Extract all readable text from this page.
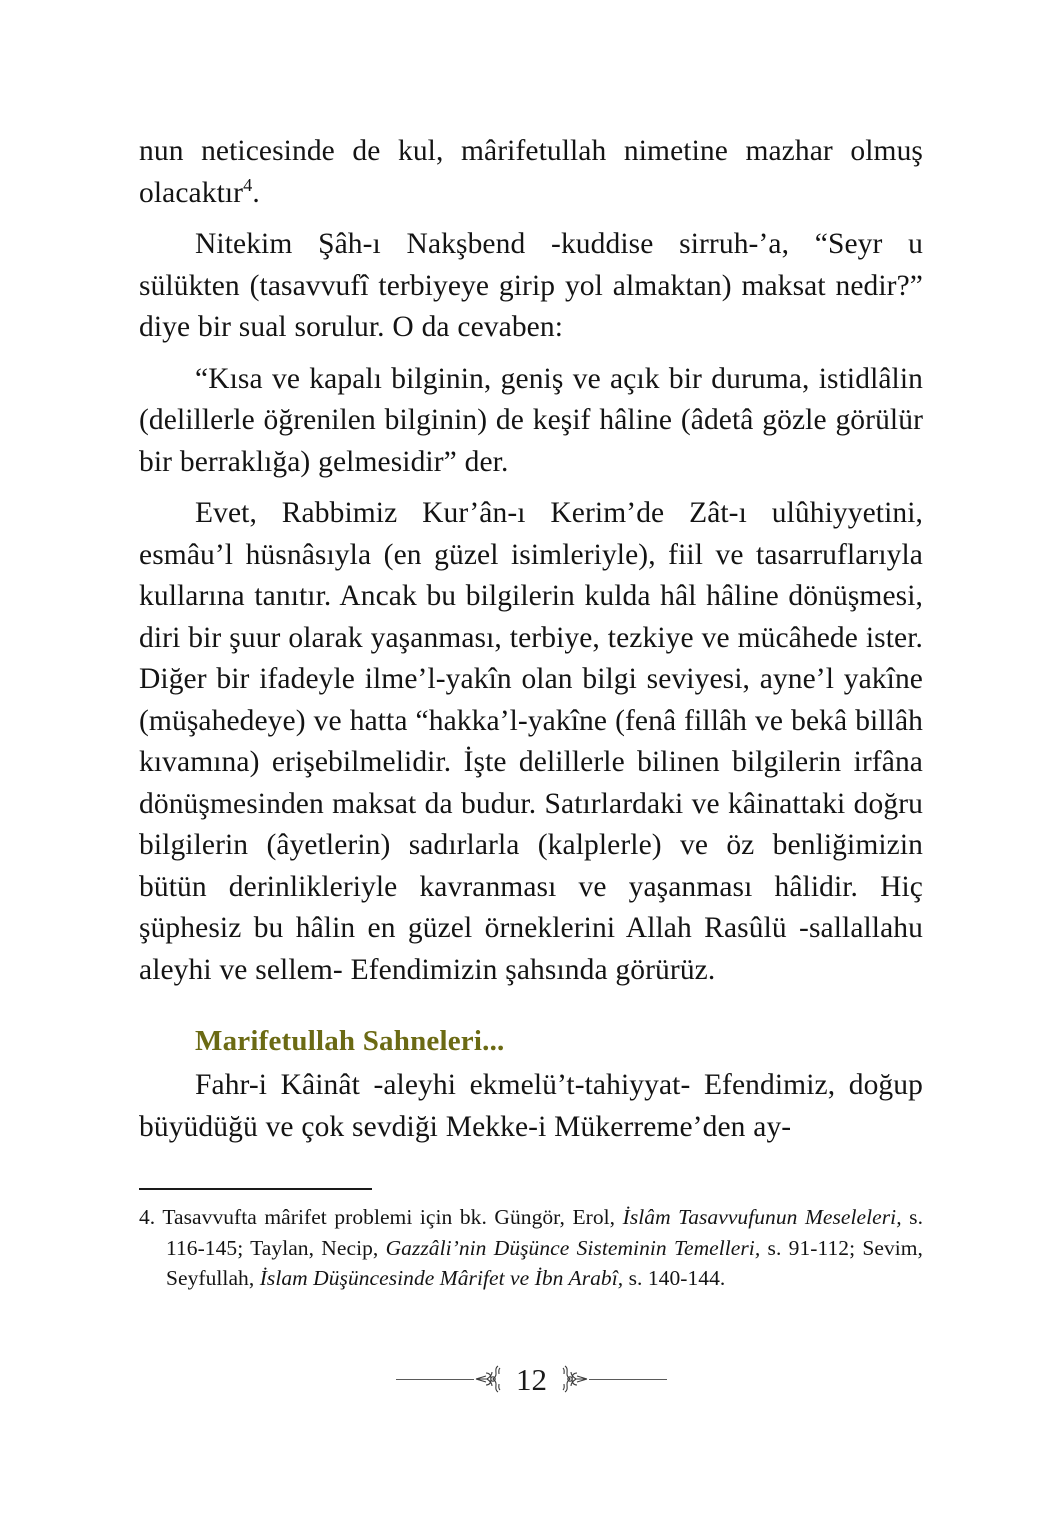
nun neticesinde de kul, mârifetullah nimetine mazhar olmuş olacaktır$^4$.

Nitekim Şâh-ı Nakşbend -kuddise sirruh-’a, “Seyr u sülükten (tasavvufî terbiyeye girip yol almaktan) maksat nedir?” diye bir sual sorulur. O da cevaben:

“Kısa ve kapalı bilginin, geniş ve açık bir duruma, istidlâlin (delillerle öğrenilen bilginin) de keşif hâline (âdetâ gözle görülür bir berraklığa) gelmesidir” der.

Evet, Rabbimiz Kur’ân-ı Kerim’de Zât-ı ulûhiyyetini, esmâu’l hüsnâsıyla (en güzel isimleriyle), fiil ve tasarruflarıyla kullarına tanıtır. Ancak bu bilgilerin kulda hâl hâline dönüşmesi, diri bir şuur olarak yaşanması, terbiye, tezkiye ve mücâhede ister. Diğer bir ifadeyle ilme’l-yakîn olan bilgi seviyesi, ayne’l yakîne (müşahedeye) ve hatta “hakka’l-yakîne (fenâ fillâh ve bekâ billâh kıvamına) erişebilmelidir. İşte delillerle bilinen bilgilerin irfâna dönüşmesinden maksat da budur. Satırlardaki ve kâinattaki doğru bilgilerin (âyetlerin) sadırlarla (kalplerle) ve öz benliğimizin bütün derinlikleriyle kavranması ve yaşanması hâlidir. Hiç şüphesiz bu hâlin en güzel örneklerini Allah Rasûlü -sallallahu aleyhi ve sellem- Efendimizin şahsında görürüz.

Marifetullah Sahneleri...

Fahr-i Kâinât -aleyhi ekmelü’t-tahiyyat- Efendimiz, doğup büyüdüğü ve çok sevdiği Mekke-i Mükerreme’den ay-

4. Tasavvufta mârifet problemi için bk. Güngör, Erol, İslâm Tasavvufunun Meseleleri, s. 116-145; Taylan, Necip, Gazzâli’nin Düşünce Sisteminin Temelleri, s. 91-112; Sevim, Seyfullah, İslam Düşüncesinde Mârifet ve İbn Arabî, s. 140-144.
12
